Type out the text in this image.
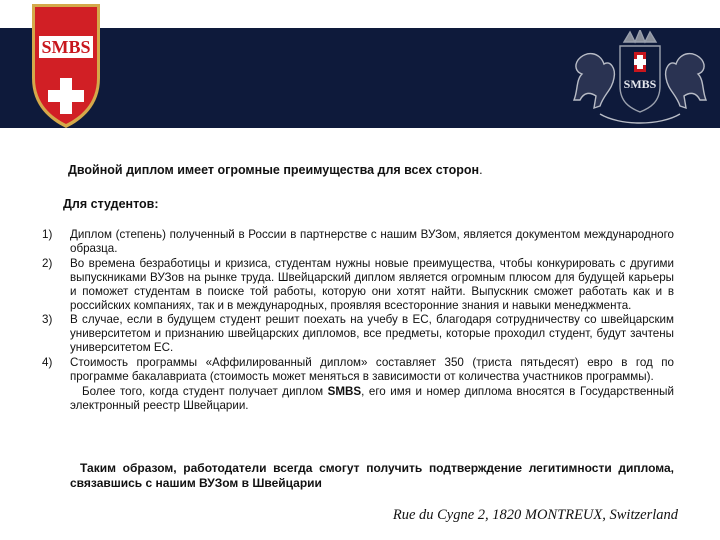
SMBS
SMBS
Двойной диплом имеет огромные преимущества для всех сторон.
Для студентов:
1) Диплом (степень) полученный в России в партнерстве с нашим ВУЗом, является документом международного образца.
2) Во времена безработицы и кризиса, студентам нужны новые преимущества, чтобы конкурировать с другими выпускниками ВУЗов на рынке труда. Швейцарский диплом является огромным плюсом для будущей карьеры и поможет студентам в поиске той работы, которую они хотят найти. Выпускник сможет работать как и в российских компаниях, так и в международных, проявляя всесторонние знания и навыки менеджмента.
3) В случае, если в будущем студент решит поехать на учебу в ЕС, благодаря сотрудничеству со швейцарским университетом и признанию швейцарских дипломов, все предметы, которые проходил студент, будут зачтены университетом ЕС.
4) Стоимость программы «Аффилированный диплом» составляет 350 (триста пятьдесят) евро в год по программе бакалавриата (стоимость может меняться в зависимости от количества участников программы).
Более того, когда студент получает диплом SMBS, его имя и номер диплома вносятся в Государственный электронный реестр Швейцарии.
Таким образом, работодатели всегда смогут получить подтверждение легитимности диплома, связавшись с нашим ВУЗом в Швейцарии
Rue du Cygne 2, 1820 MONTREUX, Switzerland
